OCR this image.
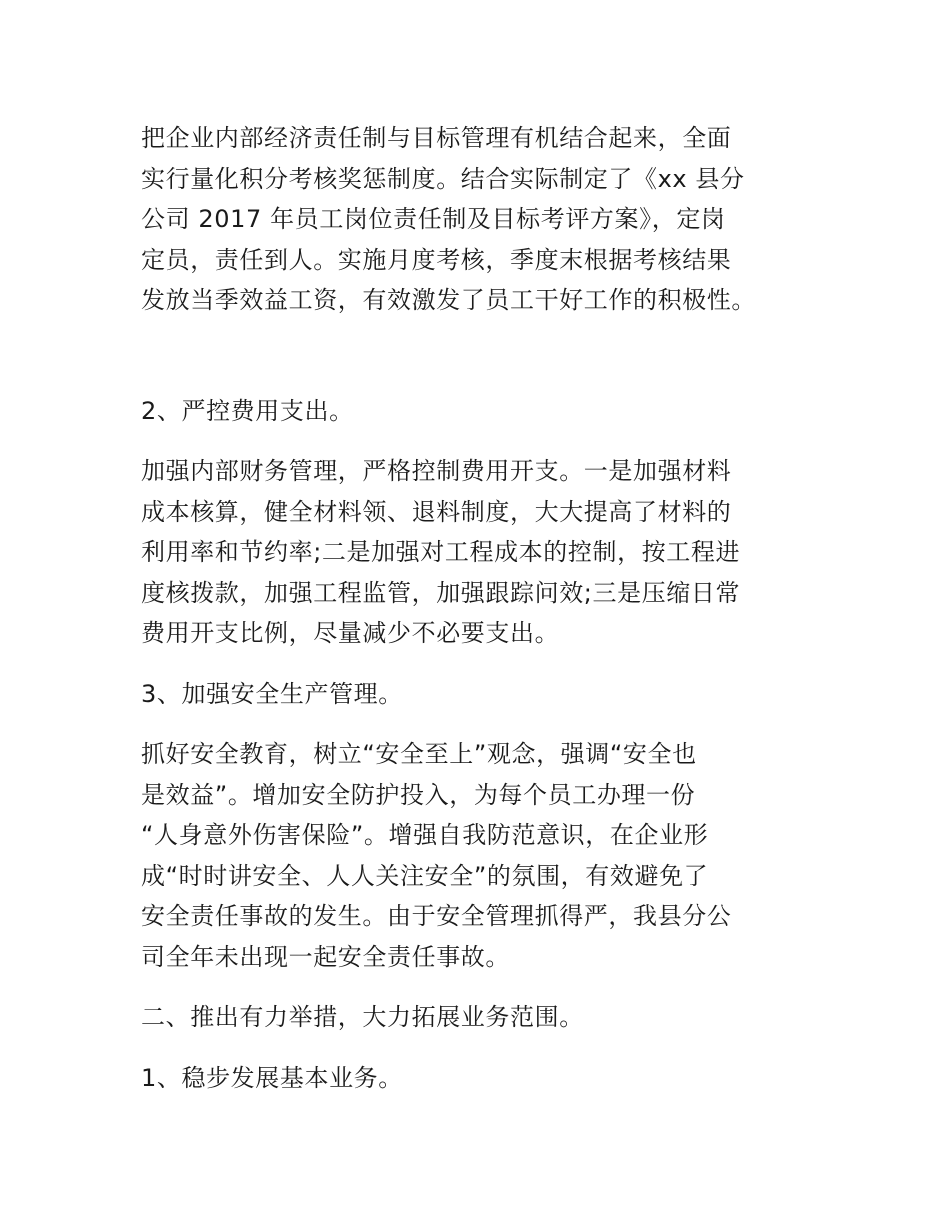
把企业内部经济责任制与目标管理有机结合起来，全面
实行量化积分考核奖惩制度。结合实际制定了《xx 县分
公司 2017 年员工岗位责任制及目标考评方案》，定岗
定员，责任到人。实施月度考核，季度末根据考核结果
发放当季效益工资，有效激发了员工干好工作的积极性。

2、严控费用支出。

加强内部财务管理，严格控制费用开支。一是加强材料
成本核算，健全材料领、退料制度，大大提高了材料的
利用率和节约率;二是加强对工程成本的控制，按工程进
度核拨款，加强工程监管，加强跟踪问效;三是压缩日常
费用开支比例，尽量减少不必要支出。

3、加强安全生产管理。

抓好安全教育，树立“安全至上”观念，强调“安全也
是效益”。增加安全防护投入，为每个员工办理一份
“人身意外伤害保险”。增强自我防范意识，在企业形
成“时时讲安全、人人关注安全”的氛围，有效避免了
安全责任事故的发生。由于安全管理抓得严，我县分公
司全年未出现一起安全责任事故。

二、推出有力举措，大力拓展业务范围。

1、稳步发展基本业务。
